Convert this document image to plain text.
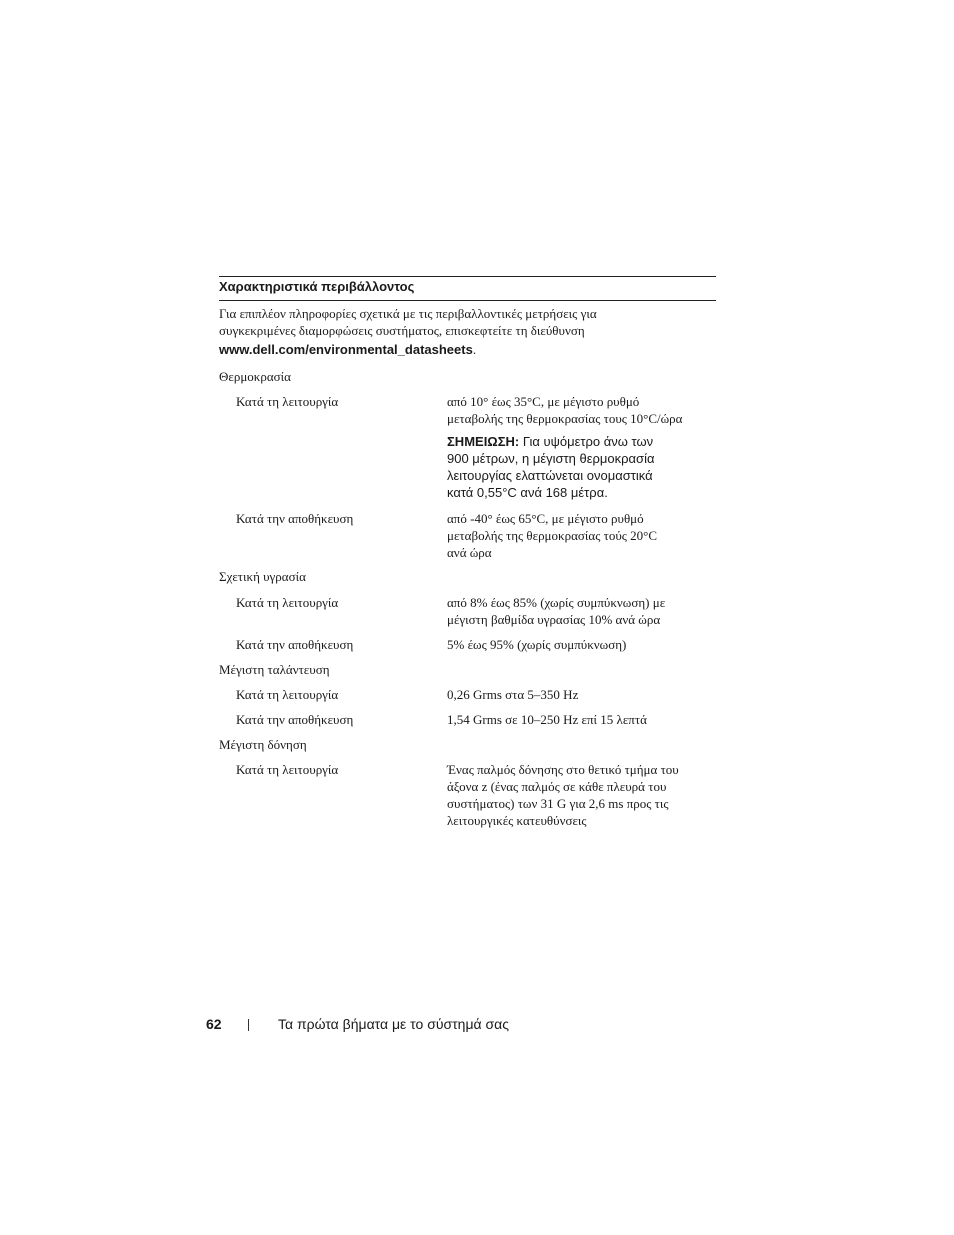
Χαρακτηριστικά περιβάλλοντος
Για επιπλέον πληροφορίες σχετικά με τις περιβαλλοντικές μετρήσεις για
συγκεκριμένες διαμορφώσεις συστήματος, επισκεφτείτε τη διεύθυνση
www.dell.com/environmental_datasheets.
Θερμοκρασία
Κατά τη λειτουργία	από 10° έως 35°C, με μέγιστο ρυθμό
μεταβολής της θερμοκρασίας τους 10°C/ώρα
ΣΗΜΕΙΩΣΗ: Για υψόμετρο άνω των
900 μέτρων, η μέγιστη θερμοκρασία
λειτουργίας ελαττώνεται ονομαστικά
κατά 0,55°C ανά 168 μέτρα.
Κατά την αποθήκευση	από -40° έως 65°C, με μέγιστο ρυθμό
μεταβολής της θερμοκρασίας τούς 20°C
ανά ώρα
Σχετική υγρασία
Κατά τη λειτουργία	από 8% έως 85% (χωρίς συμπύκνωση) με
μέγιστη βαθμίδα υγρασίας 10% ανά ώρα
Κατά την αποθήκευση	5% έως 95% (χωρίς συμπύκνωση)
Μέγιστη ταλάντευση
Κατά τη λειτουργία	0,26 Grms στα 5–350 Hz
Κατά την αποθήκευση	1,54 Grms σε 10–250 Hz επί 15 λεπτά
Μέγιστη δόνηση
Κατά τη λειτουργία	Ένας παλμός δόνησης στο θετικό τμήμα του
άξονα z (ένας παλμός σε κάθε πλευρά του
συστήματος) των 31 G για 2,6 ms προς τις
λειτουργικές κατευθύνσεις
62	Τα πρώτα βήματα με το σύστημά σας
